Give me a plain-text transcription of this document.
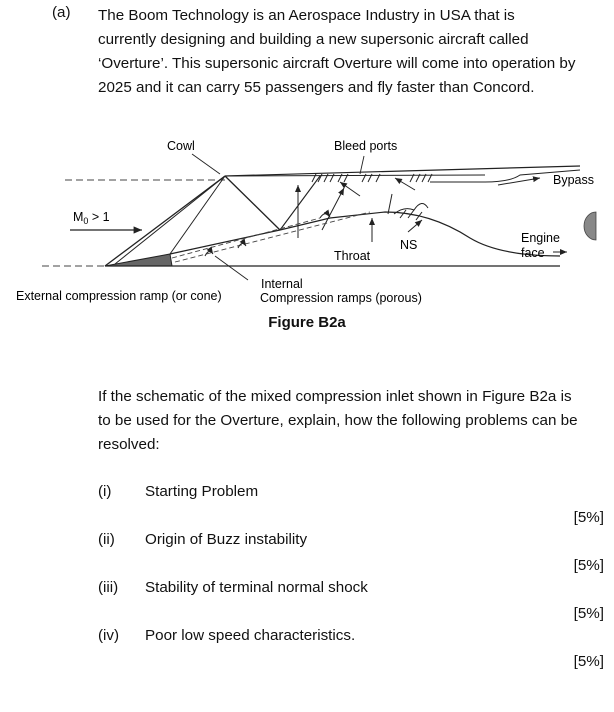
(a) The Boom Technology is an Aerospace Industry in USA that is
currently designing and building a new supersonic aircraft called
‘Overture’. This supersonic aircraft Overture will come into operation by
2025 and it can carry 55 passengers and fly faster than Concord.
Cowl	Bleed ports
Bypass
$M_0 > 1$
Engine
face
NS
Throat
Internal
Compression ramps (porous)
External compression ramp (or cone)
Figure B2a
If the schematic of the mixed compression inlet shown in Figure B2a is
to be used for the Overture, explain, how the following problems can be
resolved:
(i) Starting Problem
[5%]
(ii) Origin of Buzz instability
[5%]
(iii) Stability of terminal normal shock
[5%]
(iv) Poor low speed characteristics.
[5%]
